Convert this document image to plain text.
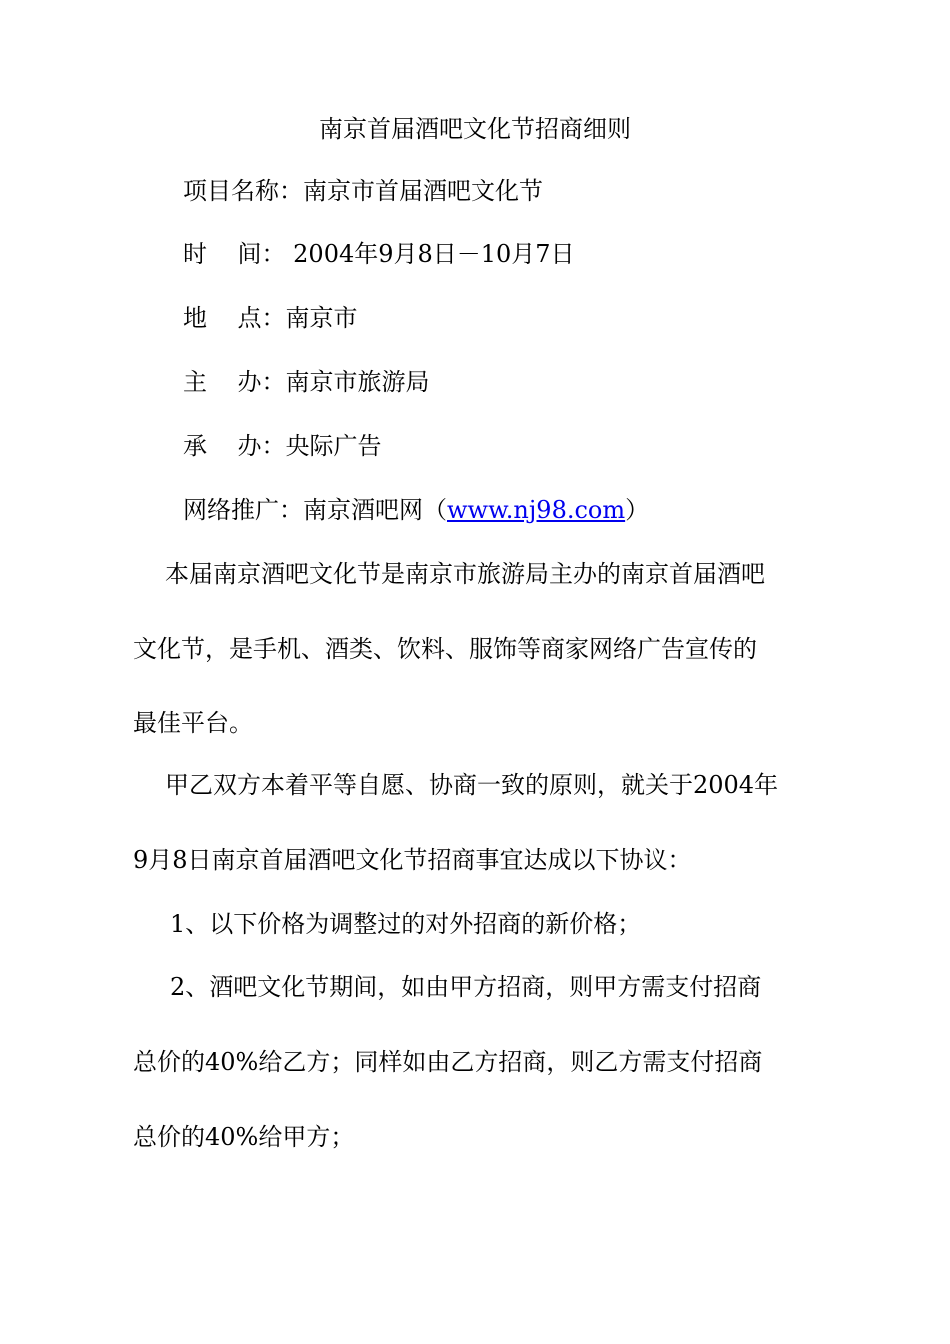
南京首届酒吧文化节招商细则
项目名称：南京市首届酒吧文化节
时    间： 2004年9月8日－10月7日
地    点：南京市
主    办：南京市旅游局
承    办：央际广告
网络推广：南京酒吧网（www.nj98.com）
本届南京酒吧文化节是南京市旅游局主办的南京首届酒吧
文化节，是手机、酒类、饮料、服饰等商家网络广告宣传的
最佳平台。
甲乙双方本着平等自愿、协商一致的原则，就关于2004年
9月8日南京首届酒吧文化节招商事宜达成以下协议：
1、以下价格为调整过的对外招商的新价格；
2、酒吧文化节期间，如由甲方招商，则甲方需支付招商
总价的40%给乙方；同样如由乙方招商，则乙方需支付招商
总价的40%给甲方；
